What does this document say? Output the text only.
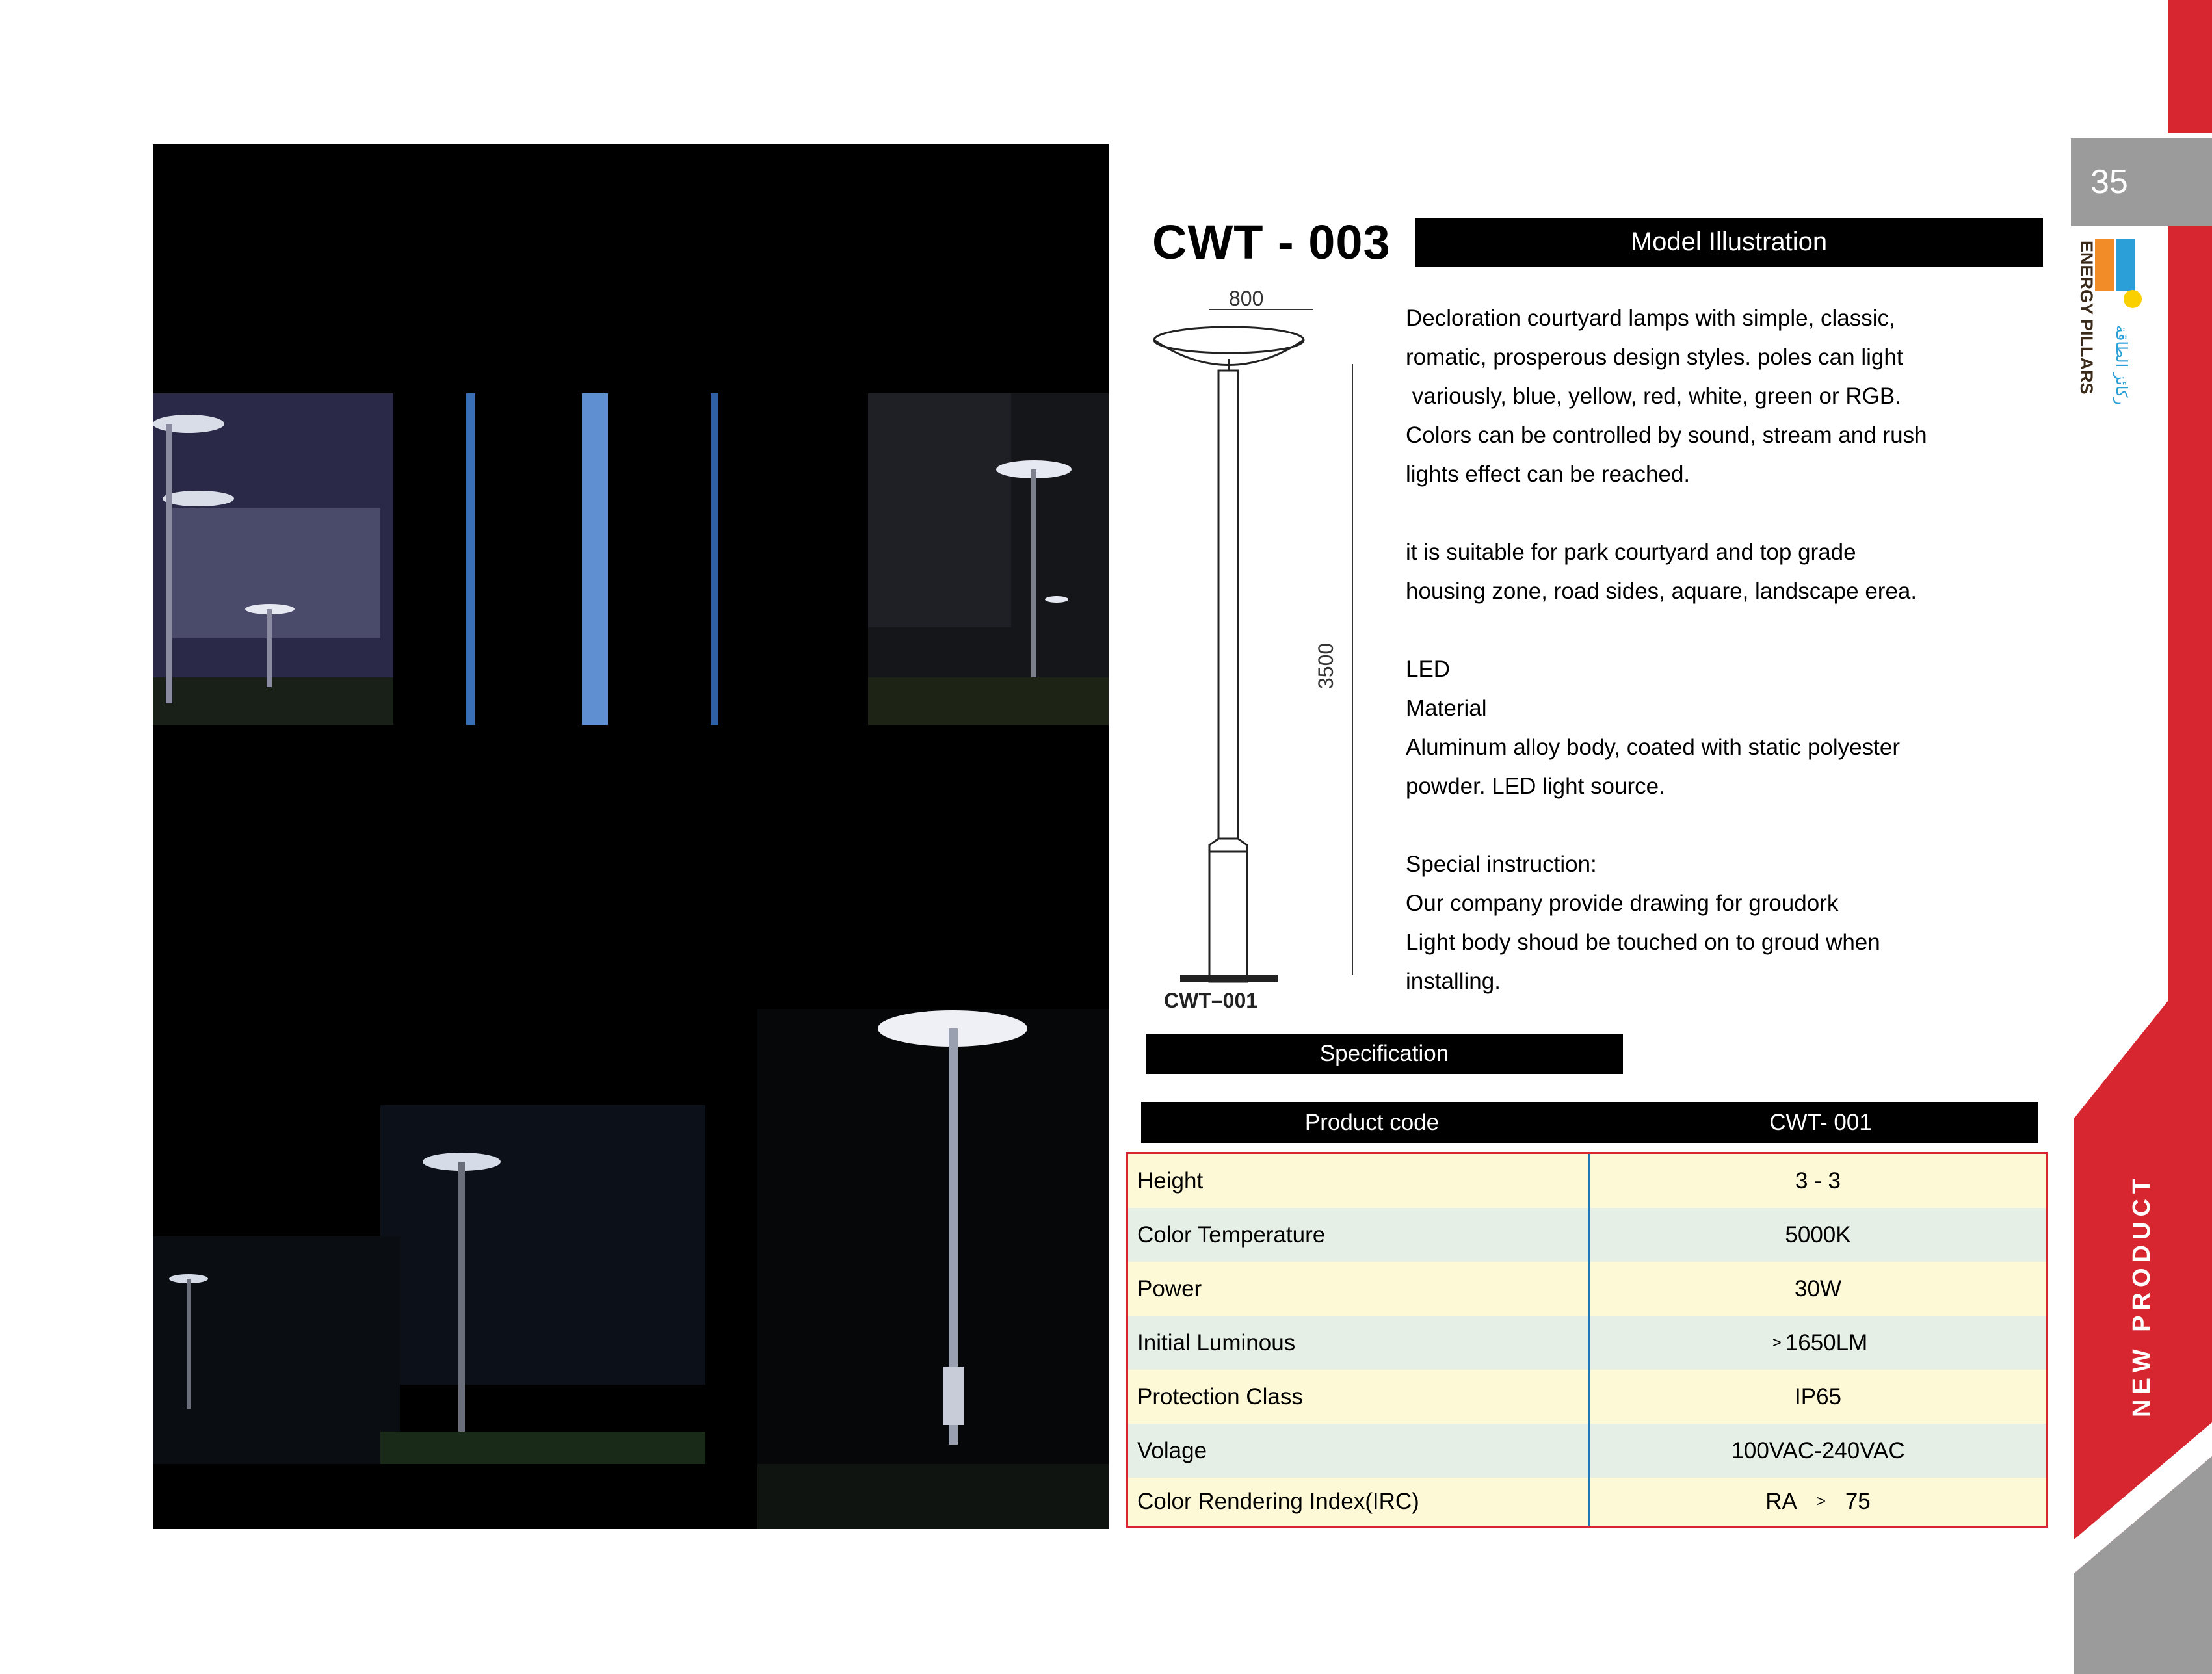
35
NEW PRODUCT
ركائز الطاقة
ENERGY PILLARS
CWT - 003	Model Illustration
800
3500
CWT–001
Decloration courtyard lamps with simple, classic,
romatic, prosperous design styles. poles can light
variously, blue, yellow, red, white, green or RGB.
Colors can be controlled by sound, stream and rush
lights effect can be reached.
it is suitable for park courtyard and top grade
housing zone, road sides, aquare, landscape erea.
LED
Material
Aluminum alloy body, coated with static polyester
powder. LED light source.
Special instruction:
Our company provide drawing for groudork
Light body shoud be touched on to groud when
installing.
Specification
Product code	CWT- 001
Height	3 - 3
Color Temperature	5000K
Power	30W
Initial Luminous	> 1650LM
Protection Class	IP65
Volage	100VAC-240VAC
Color Rendering Index(IRC)	RA > 75
